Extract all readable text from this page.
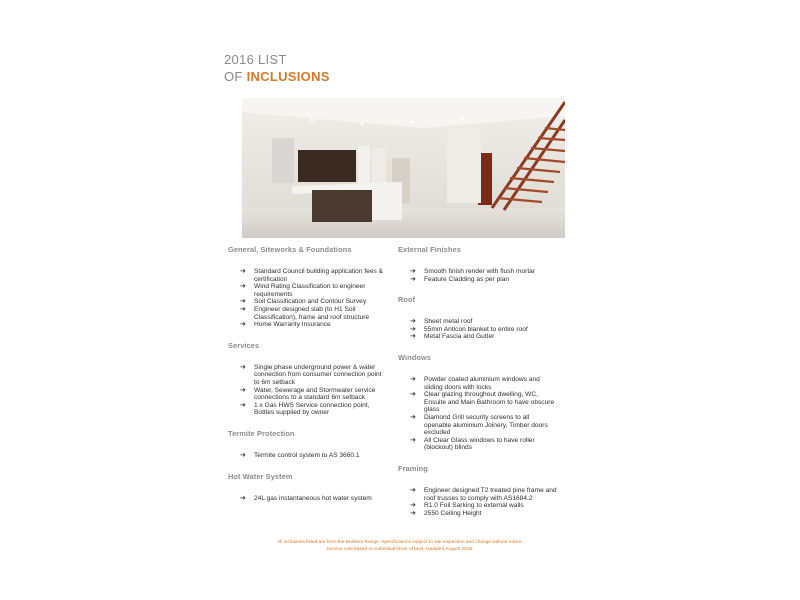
2016 LIST
OF INCLUSIONS
General, Siteworks & Foundations
➔ Standard Council building application fees & certification
➔ Wind Rating Classification to engineer requirements
➔ Soil Classification and Contour Survey
➔ Engineer designed slab (to H1 Soil Classification), frame and roof structure
➔ Home Warranty Insurance
Services
➔ Single phase underground power & water connection from consumer connection point to 6m setback
➔ Water, Sewerage and Stormwater service connections to a standard 6m setback
➔ 1 x Gas HWS Service connection point, Bottles supplied by owner
Termite Protection
➔ Termite control system to AS 3660.1
Hot Water System
➔ 24L gas instantaneous hot water system
External Finishes
➔ Smooth finish render with flush mortar
➔ Feature Cladding as per plan
Roof
➔ Sheet metal roof
➔ 55mm Anticon blanket to entire roof
➔ Metal Fascia and Gutter
Windows
➔ Powder coated aluminium windows and sliding doors with locks
➔ Clear glazing throughout dwelling, WC, Ensuite and Main Bathroom to have obscure glass
➔ Diamond Grill security screens to all openable aluminium Joinery, Timber doors excluded
➔ All Clear Glass windows to have roller (blockout) blinds
Framing
➔ Engineer designed T2 treated pine frame and roof trusses to comply with AS1684.2
➔ R1.0 Foil Sarking to external walls
➔ 2550 Ceiling Height
All inclusions listed are from the Builders Range. Specifications subject to site inspection and change without notice.
Service cost based on individual block of land. Updated August 2016.
